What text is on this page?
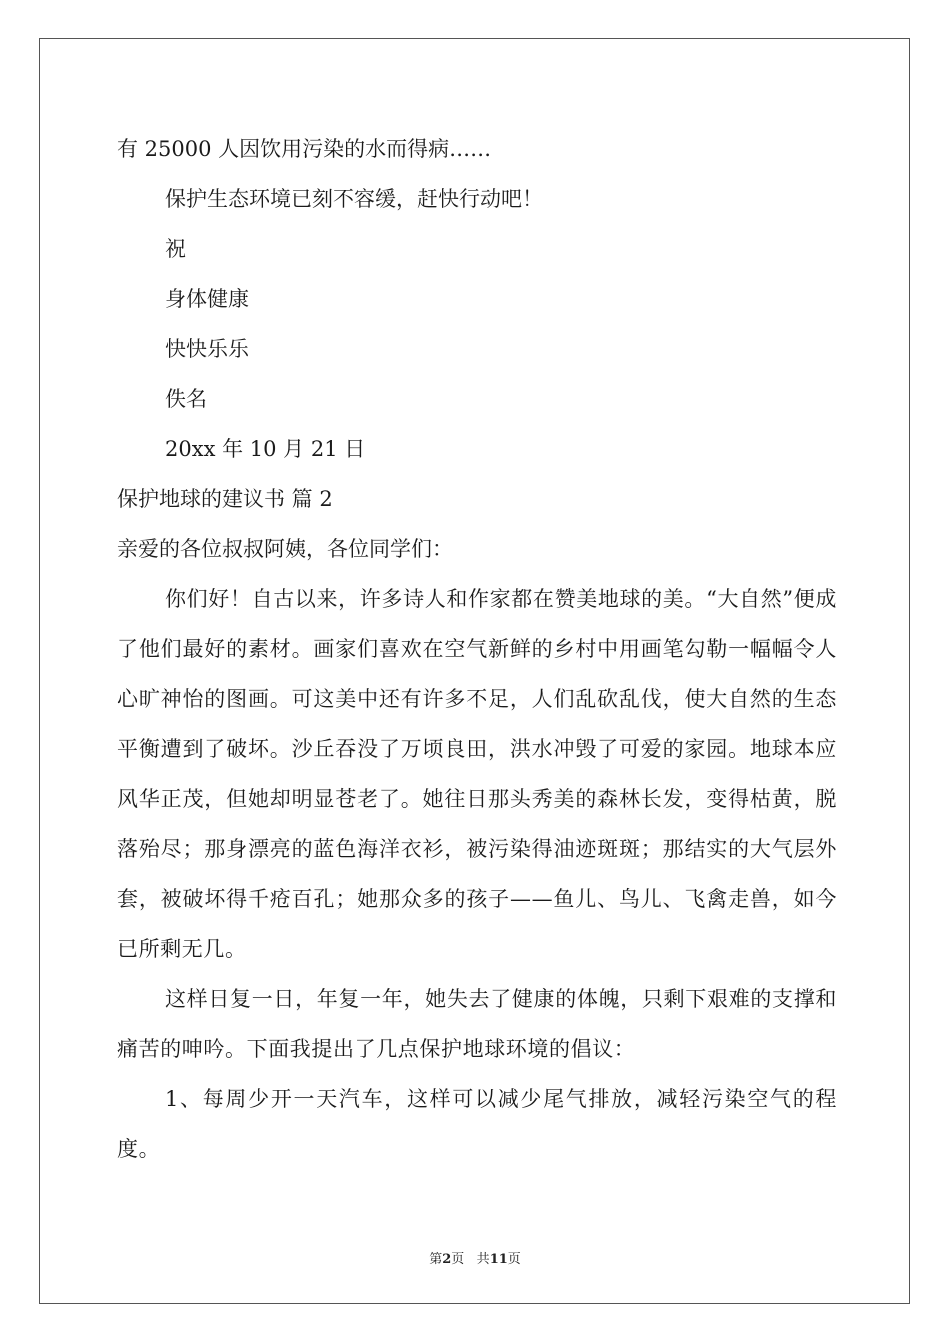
有 25000 人因饮用污染的水而得病……
保护生态环境已刻不容缓，赶快行动吧！
祝
身体健康
快快乐乐
佚名
20xx 年 10 月 21 日
保护地球的建议书 篇 2
亲爱的各位叔叔阿姨，各位同学们：
你们好！自古以来，许多诗人和作家都在赞美地球的美。“大自然”便成了他们最好的素材。画家们喜欢在空气新鲜的乡村中用画笔勾勒一幅幅令人心旷神怡的图画。可这美中还有许多不足，人们乱砍乱伐，使大自然的生态平衡遭到了破坏。沙丘吞没了万顷良田，洪水冲毁了可爱的家园。地球本应风华正茂，但她却明显苍老了。她往日那头秀美的森林长发，变得枯黄，脱落殆尽；那身漂亮的蓝色海洋衣衫，被污染得油迹斑斑；那结实的大气层外套，被破坏得千疮百孔；她那众多的孩子——鱼儿、鸟儿、飞禽走兽，如今已所剩无几。
这样日复一日，年复一年，她失去了健康的体魄，只剩下艰难的支撑和痛苦的呻吟。下面我提出了几点保护地球环境的倡议：
1、每周少开一天汽车，这样可以减少尾气排放，减轻污染空气的程度。
第2页 共11页
